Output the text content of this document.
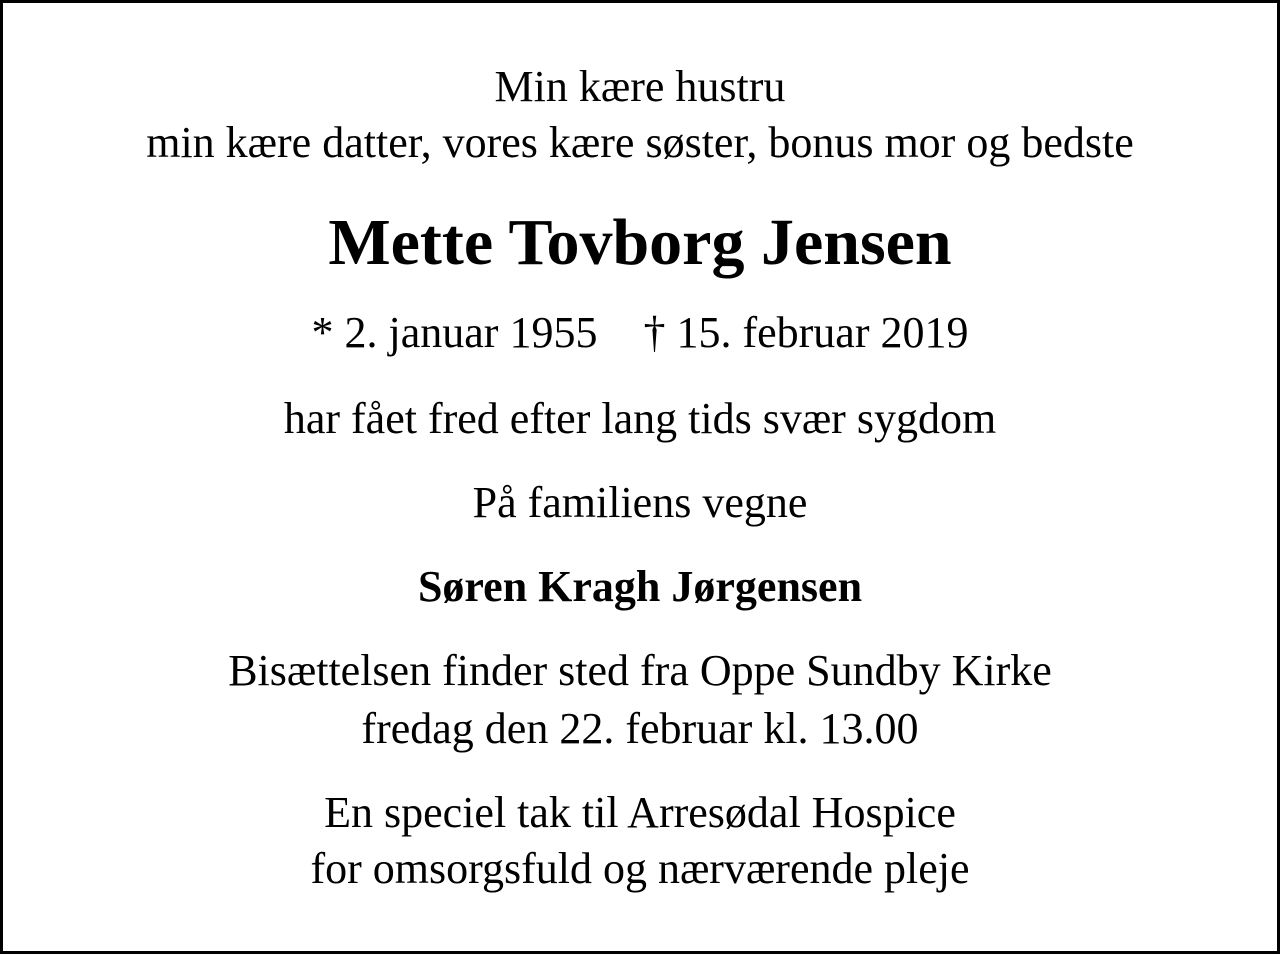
Min kære hustru
min kære datter, vores kære søster, bonus mor og bedste
Mette Tovborg Jensen
* 2. januar 1955 † 15. februar 2019
har fået fred efter lang tids svær sygdom
På familiens vegne
Søren Kragh Jørgensen
Bisættelsen finder sted fra Oppe Sundby Kirke
fredag den 22. februar kl. 13.00
En speciel tak til Arresødal Hospice
for omsorgsfuld og nærværende pleje
